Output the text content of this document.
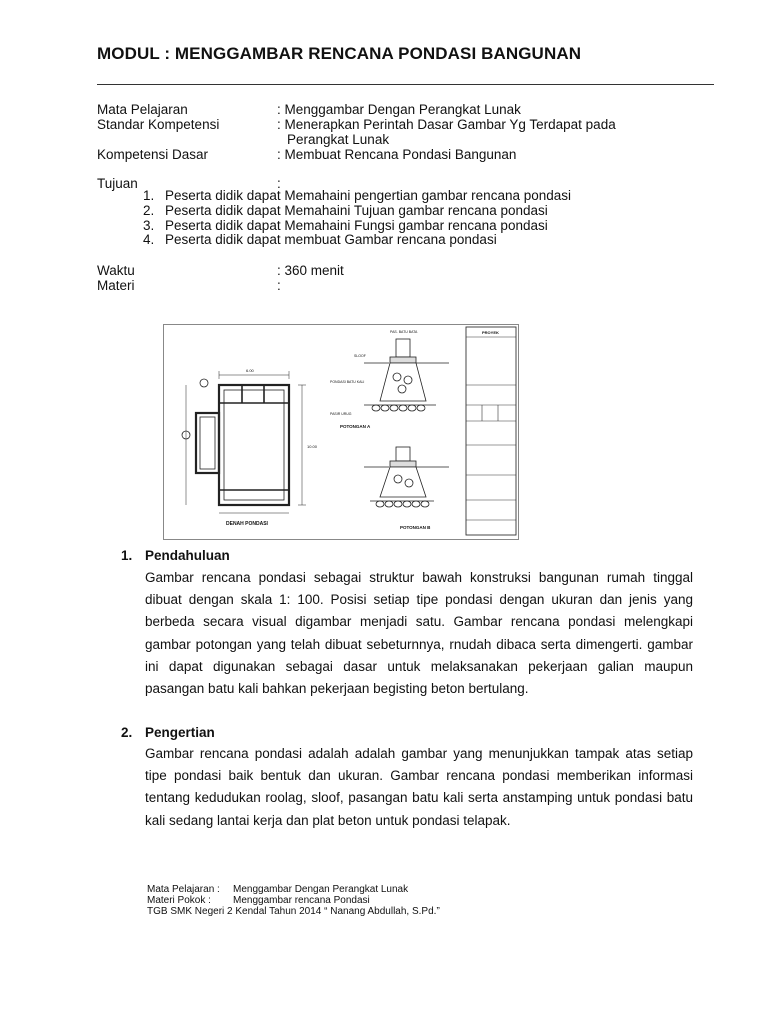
MODUL : MENGGAMBAR RENCANA PONDASI BANGUNAN
Mata Pelajaran	: Menggambar Dengan Perangkat Lunak
Standar Kompetensi	: Menerapkan Perintah Dasar Gambar Yg Terdapat pada
Perangkat Lunak
Kompetensi Dasar	: Membuat Rencana Pondasi Bangunan
Tujuan	:
1. Peserta didik dapat Memahaini pengertian gambar rencana pondasi
2. Peserta didik dapat Memahaini Tujuan gambar rencana pondasi
3. Peserta didik dapat Memahaini Fungsi gambar rencana pondasi
4. Peserta didik dapat membuat Gambar rencana pondasi
Waktu	: 360 menit
Materi	:
DENAH PONDASI
6.00
10.00
POTONGAN A
PAS. BATU BATA
SLOOF
PONDASI BATU KALI
PASIR URUG
POTONGAN B
PROYEK
1. Pendahuluan

Gambar rencana pondasi sebagai struktur bawah konstruksi bangunan rumah tinggal dibuat dengan skala 1: 100. Posisi setiap tipe pondasi dengan ukuran dan jenis yang berbeda secara visual digambar menjadi satu. Gambar rencana pondasi melengkapi gambar potongan yang telah dibuat sebeturnnya, rnudah dibaca serta dimengerti. gambar ini dapat digunakan sebagai dasar untuk melaksanakan pekerjaan galian maupun pasangan batu kali bahkan pekerjaan begisting beton bertulang.

2. Pengertian

Gambar rencana pondasi adalah adalah gambar yang menunjukkan tampak atas setiap tipe pondasi baik bentuk dan ukuran. Gambar rencana pondasi memberikan informasi tentang kedudukan roolag, sloof, pasangan batu kali serta anstamping untuk pondasi batu kali sedang lantai kerja dan plat beton untuk pondasi telapak.

Mata Pelajaran : Menggambar Dengan Perangkat Lunak
Materi Pokok : Menggambar rencana Pondasi
TGB SMK Negeri 2 Kendal Tahun 2014 “ Nanang Abdullah, S.Pd.”
